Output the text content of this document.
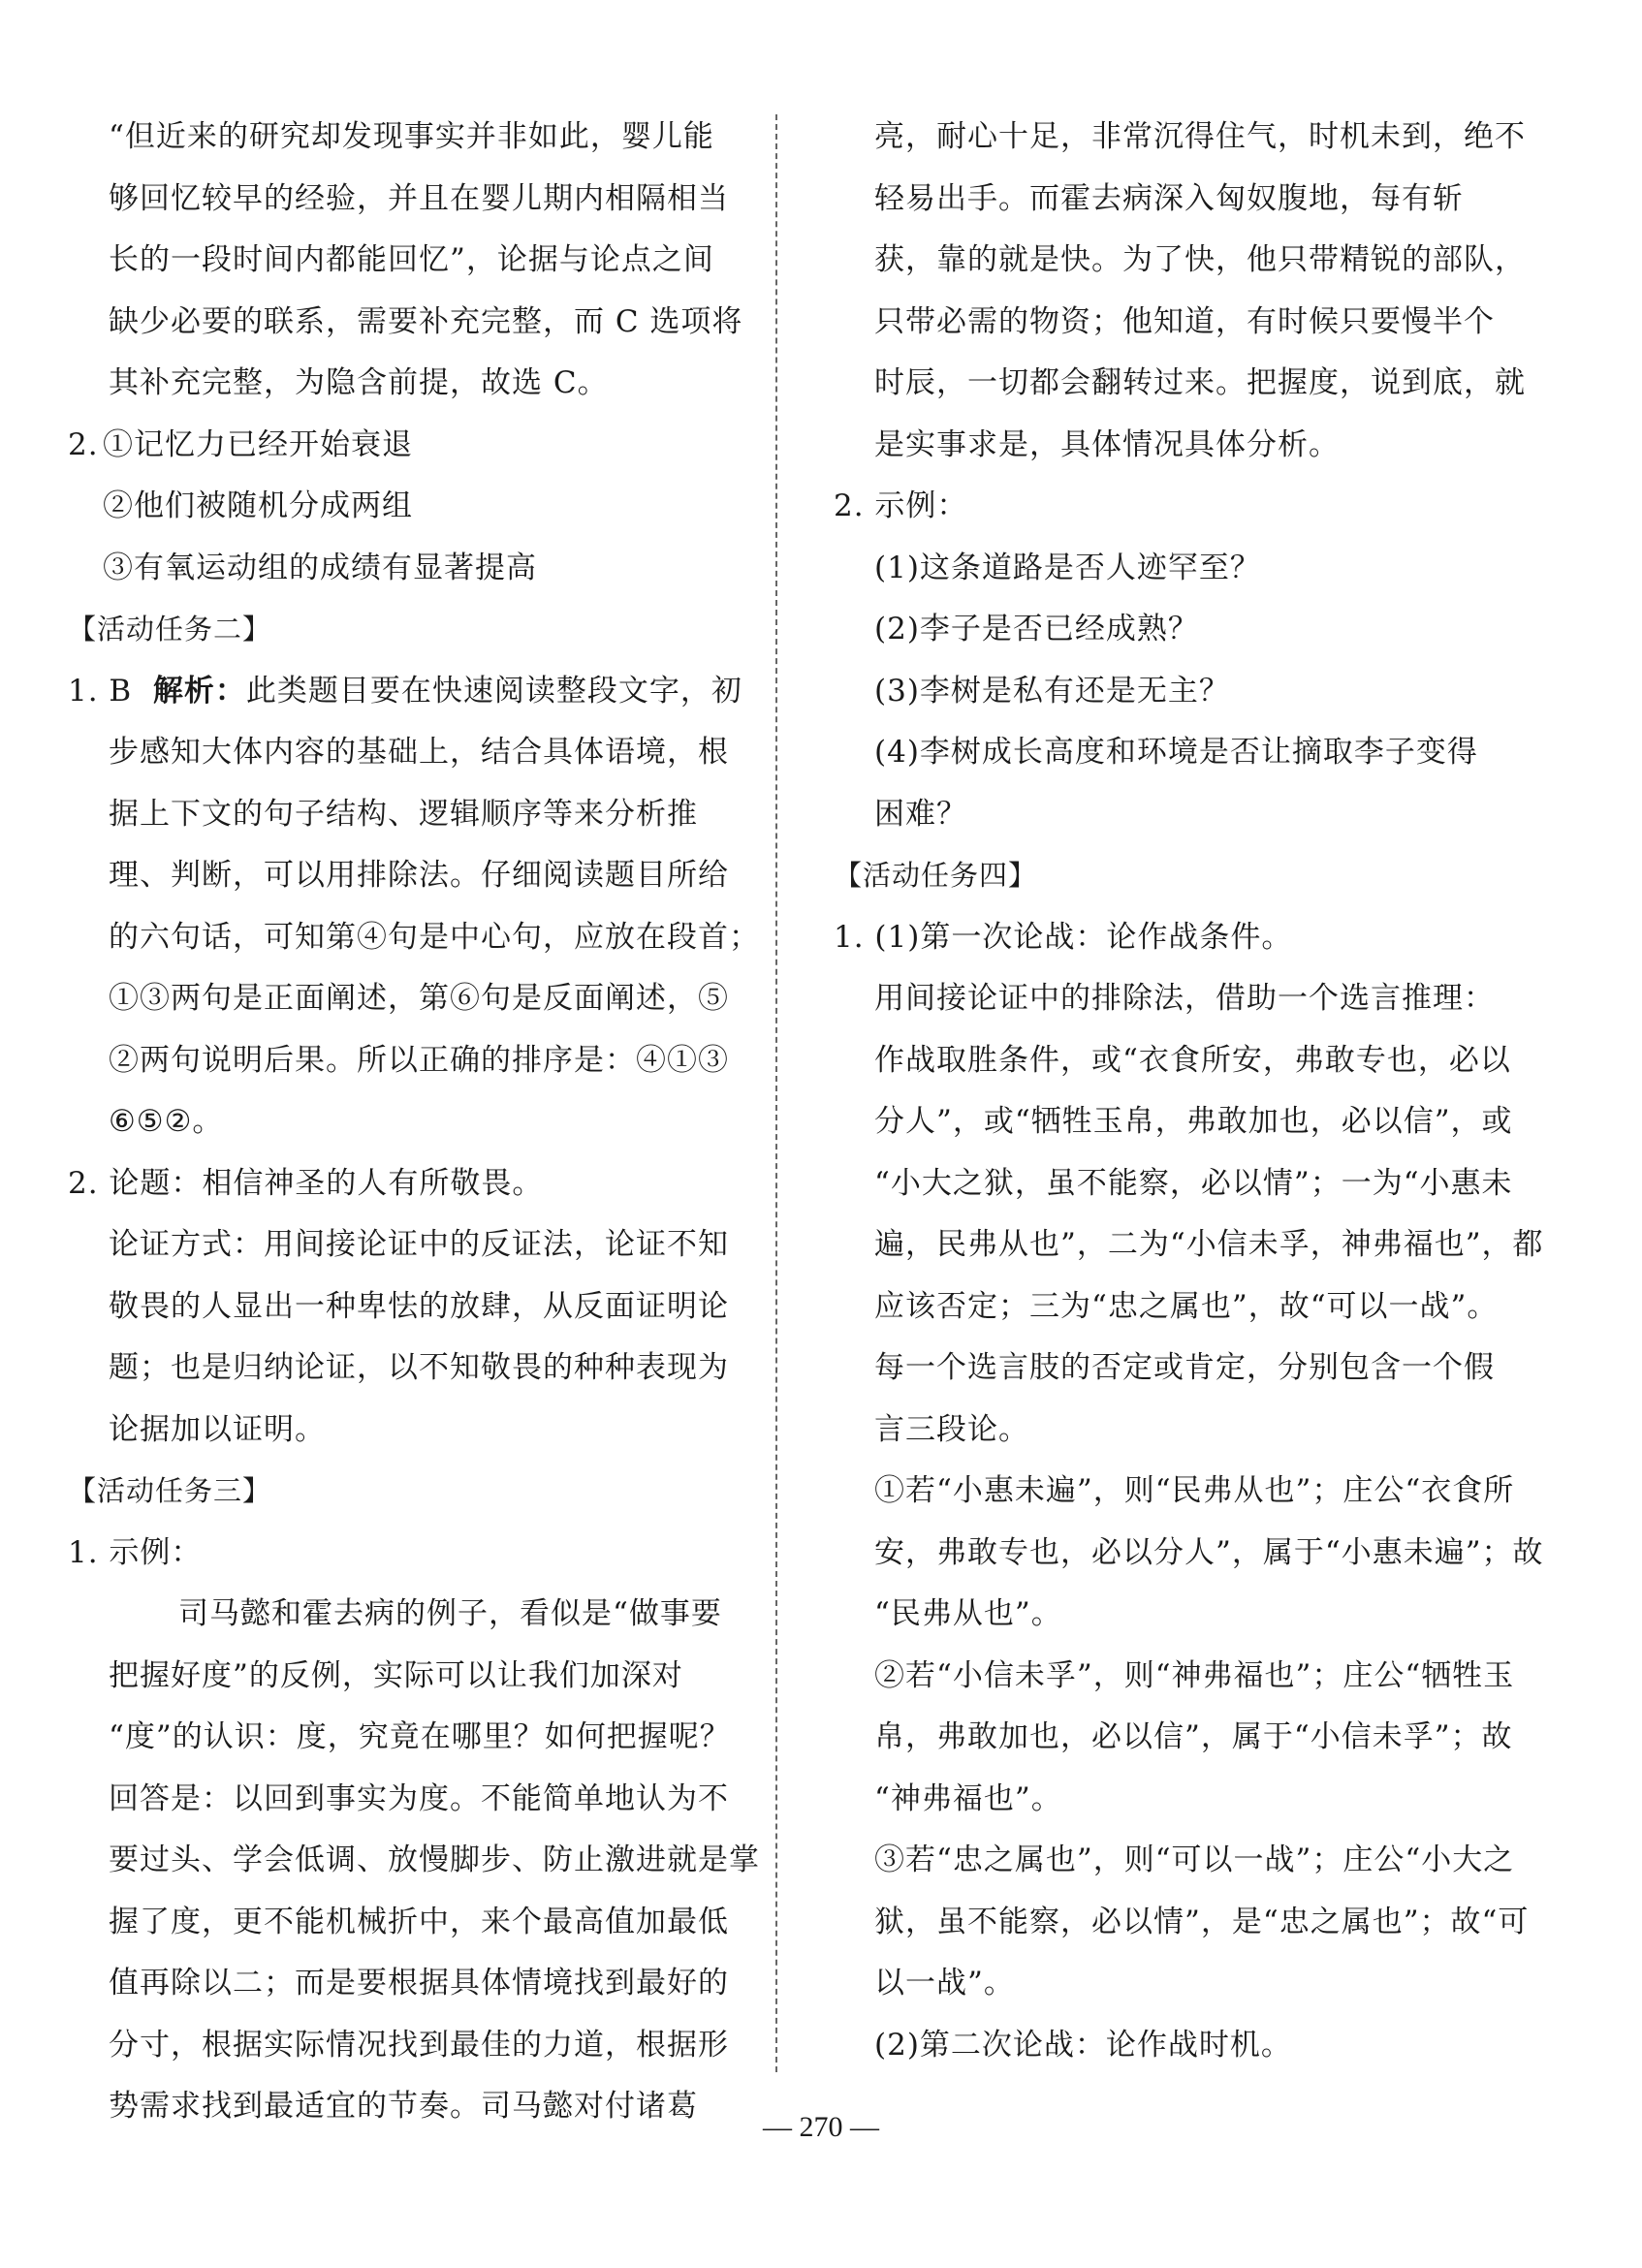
“但近来的研究却发现事实并非如此，婴儿能
够回忆较早的经验，并且在婴儿期内相隔相当
长的一段时间内都能回忆”，论据与论点之间
缺少必要的联系，需要补充完整，而 C 选项将
其补充完整，为隐含前提，故选 C。
2. ①记忆力已经开始衰退
②他们被随机分成两组
③有氧运动组的成绩有显著提高
【活动任务二】
1. B  解析：此类题目要在快速阅读整段文字，初
步感知大体内容的基础上，结合具体语境，根
据上下文的句子结构、逻辑顺序等来分析推
理、判断，可以用排除法。仔细阅读题目所给
的六句话，可知第④句是中心句，应放在段首；
①③两句是正面阐述，第⑥句是反面阐述，⑤
②两句说明后果。所以正确的排序是：④①③
⑥⑤②。
2. 论题：相信神圣的人有所敬畏。
论证方式：用间接论证中的反证法，论证不知
敬畏的人显出一种卑怯的放肆，从反面证明论
题；也是归纳论证，以不知敬畏的种种表现为
论据加以证明。
【活动任务三】
1. 示例：
司马懿和霍去病的例子，看似是“做事要
把握好度”的反例，实际可以让我们加深对
“度”的认识：度，究竟在哪里？如何把握呢？
回答是：以回到事实为度。不能简单地认为不
要过头、学会低调、放慢脚步、防止激进就是掌
握了度，更不能机械折中，来个最高值加最低
值再除以二；而是要根据具体情境找到最好的
分寸，根据实际情况找到最佳的力道，根据形
势需求找到最适宜的节奏。司马懿对付诸葛
亮，耐心十足，非常沉得住气，时机未到，绝不
轻易出手。而霍去病深入匈奴腹地，每有斩
获，靠的就是快。为了快，他只带精锐的部队，
只带必需的物资；他知道，有时候只要慢半个
时辰，一切都会翻转过来。把握度，说到底，就
是实事求是，具体情况具体分析。
2. 示例：
(1)这条道路是否人迹罕至？
(2)李子是否已经成熟？
(3)李树是私有还是无主？
(4)李树成长高度和环境是否让摘取李子变得
困难？
【活动任务四】
1. (1)第一次论战：论作战条件。
用间接论证中的排除法，借助一个选言推理：
作战取胜条件，或“衣食所安，弗敢专也，必以
分人”，或“牺牲玉帛，弗敢加也，必以信”，或
“小大之狱，虽不能察，必以情”；一为“小惠未
遍，民弗从也”，二为“小信未孚，神弗福也”，都
应该否定；三为“忠之属也”，故“可以一战”。
每一个选言肢的否定或肯定，分别包含一个假
言三段论。
①若“小惠未遍”，则“民弗从也”；庄公“衣食所
安，弗敢专也，必以分人”，属于“小惠未遍”；故
“民弗从也”。
②若“小信未孚”，则“神弗福也”；庄公“牺牲玉
帛，弗敢加也，必以信”，属于“小信未孚”；故
“神弗福也”。
③若“忠之属也”，则“可以一战”；庄公“小大之
狱，虽不能察，必以情”，是“忠之属也”；故“可
以一战”。
(2)第二次论战：论作战时机。
— 270 —
